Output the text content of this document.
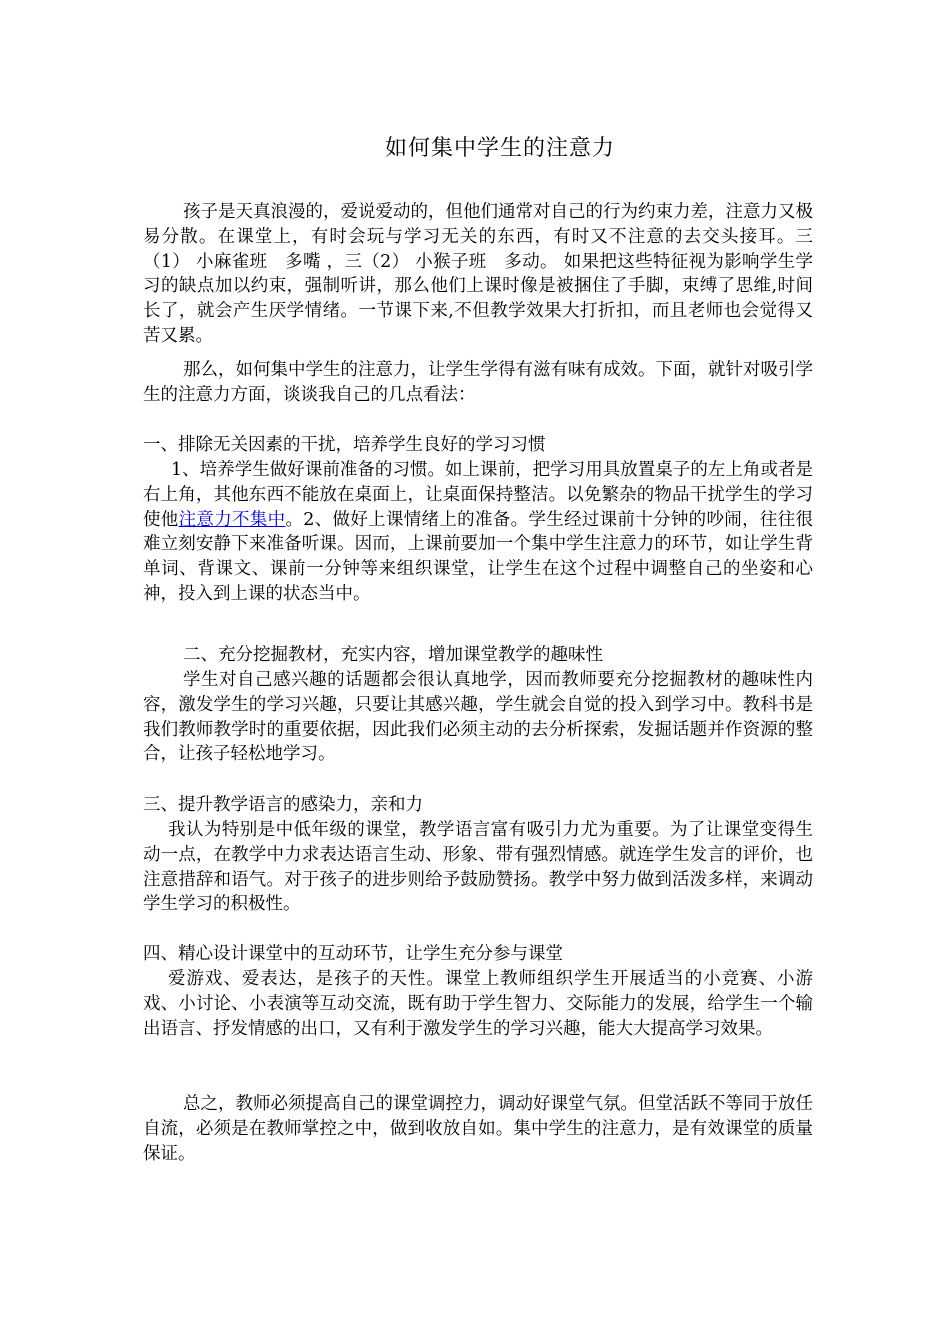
如何集中学生的注意力
孩子是天真浪漫的，爱说爱动的，但他们通常对自己的行为约束力差，注意力又极易分散。在课堂上，有时会玩与学习无关的东西，有时又不注意的去交头接耳。三（1） 小麻雀班　多嘴 ，三（2） 小猴子班　多动。 如果把这些特征视为影响学生学习的缺点加以约束，强制听讲，那么他们上课时像是被捆住了手脚，束缚了思维,时间长了，就会产生厌学情绪。一节课下来,不但教学效果大打折扣，而且老师也会觉得又苦又累。
那么，如何集中学生的注意力，让学生学得有滋有味有成效。下面，就针对吸引学生的注意力方面，谈谈我自己的几点看法：
一、排除无关因素的干扰，培养学生良好的学习习惯
1、培养学生做好课前准备的习惯。如上课前，把学习用具放置桌子的左上角或者是右上角，其他东西不能放在桌面上，让桌面保持整洁。以免繁杂的物品干扰学生的学习使他注意力不集中。2、做好上课情绪上的准备。学生经过课前十分钟的吵闹，往往很难立刻安静下来准备听课。因而，上课前要加一个集中学生注意力的环节，如让学生背单词、背课文、课前一分钟等来组织课堂，让学生在这个过程中调整自己的坐姿和心神，投入到上课的状态当中。
二、充分挖掘教材，充实内容，增加课堂教学的趣味性
学生对自己感兴趣的话题都会很认真地学，因而教师要充分挖掘教材的趣味性内容，激发学生的学习兴趣，只要让其感兴趣，学生就会自觉的投入到学习中。教科书是我们教师教学时的重要依据，因此我们必须主动的去分析探索，发掘话题并作资源的整合，让孩子轻松地学习。
三、提升教学语言的感染力，亲和力
我认为特别是中低年级的课堂，教学语言富有吸引力尤为重要。为了让课堂变得生动一点，在教学中力求表达语言生动、形象、带有强烈情感。就连学生发言的评价，也注意措辞和语气。对于孩子的进步则给予鼓励赞扬。教学中努力做到活泼多样，来调动学生学习的积极性。
四、精心设计课堂中的互动环节，让学生充分参与课堂
爱游戏、爱表达，是孩子的天性。课堂上教师组织学生开展适当的小竞赛、小游戏、小讨论、小表演等互动交流，既有助于学生智力、交际能力的发展，给学生一个输出语言、抒发情感的出口，又有利于激发学生的学习兴趣，能大大提高学习效果。
总之，教师必须提高自己的课堂调控力，调动好课堂气氛。但堂活跃不等同于放任自流，必须是在教师掌控之中，做到收放自如。集中学生的注意力，是有效课堂的质量保证。
